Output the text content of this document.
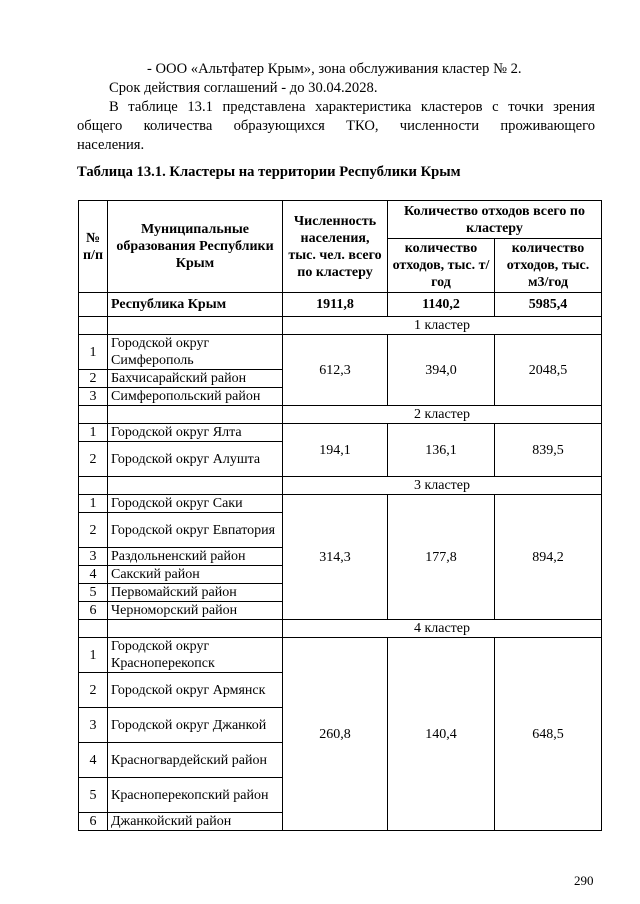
- ООО «Альтфатер Крым», зона обслуживания кластер № 2.
Срок действия соглашений - до 30.04.2028.
В таблице 13.1 представлена характеристика кластеров с точки зрения
общего количества образующихся ТКО, численности проживающего
населения.
Таблица 13.1. Кластеры на территории Республики Крым
№ п/п	Муниципальные образования Республики Крым	Численность населения, тыс. чел. всего по кластеру	Количество отходов всего по кластеру	
			количество отходов, тыс. т/год	количество отходов, тыс. м3/год
	Республика Крым	1911,8	1140,2	5985,4
		1 кластер		
1	Городской округ Симферополь	612,3	394,0	2048,5
2	Бахчисарайский район			
3	Симферопольский район			
		2 кластер		
1	Городской округ Ялта	194,1	136,1	839,5
2	Городской округ Алушта			
		3 кластер		
1	Городской округ Саки	314,3	177,8	894,2
2	Городской округ Евпатория			
3	Раздольненский район			
4	Сакский район			
5	Первомайский район			
6	Черноморский район			
		4 кластер		
1	Городской округ Красноперекопск	260,8	140,4	648,5
2	Городской округ Армянск			
3	Городской округ Джанкой			
4	Красногвардейский район			
5	Красноперекопский район			
6	Джанкойский район			
290
